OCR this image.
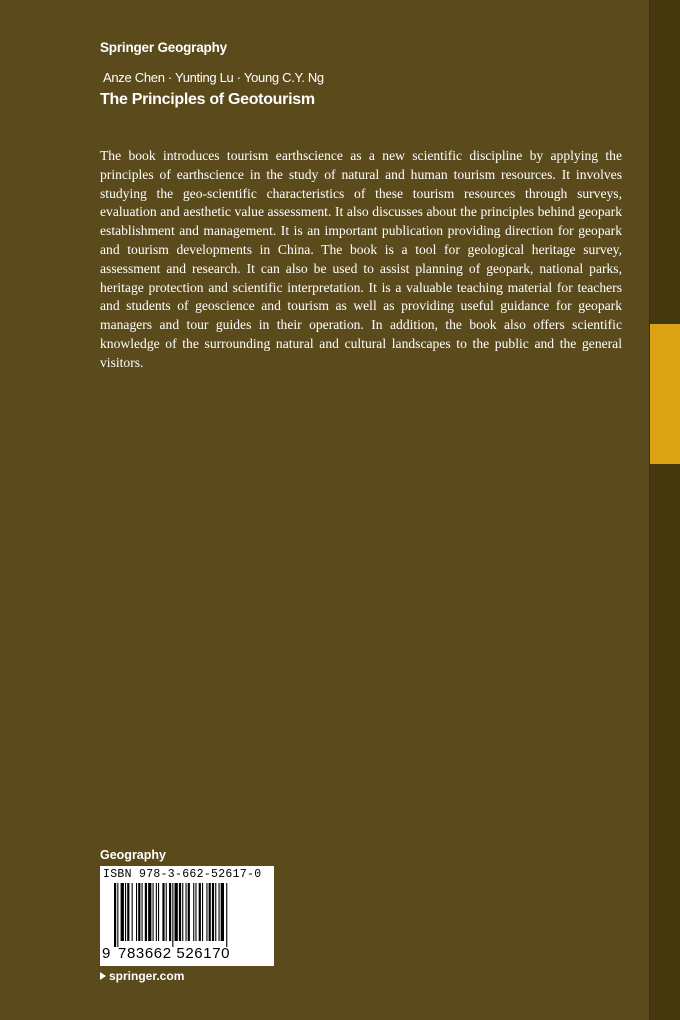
Springer Geography
Anze Chen · Yunting Lu · Young C.Y. Ng
The Principles of Geotourism

The book introduces tourism earthscience as a new scientific discipline by applying the principles of earthscience in the study of natural and human tourism resources. It involves studying the geo-scientific characteristics of these tourism resources through surveys, evaluation and aesthetic value assessment. It also discusses about the principles behind geopark establishment and management. It is an important publication providing direction for geopark and tourism developments in China. The book is a tool for geological heritage survey, assessment and research. It can also be used to assist planning of geopark, national parks, heritage protection and scientific interpretation. It is a valuable teaching material for teachers and students of geoscience and tourism as well as providing useful guidance for geopark managers and tour guides in their operation. In addition, the book also offers scientific knowledge of the surrounding natural and cultural landscapes to the public and the general visitors.

Geography
ISBN 978-3-662-52617-0
9 783662 526170
springer.com
